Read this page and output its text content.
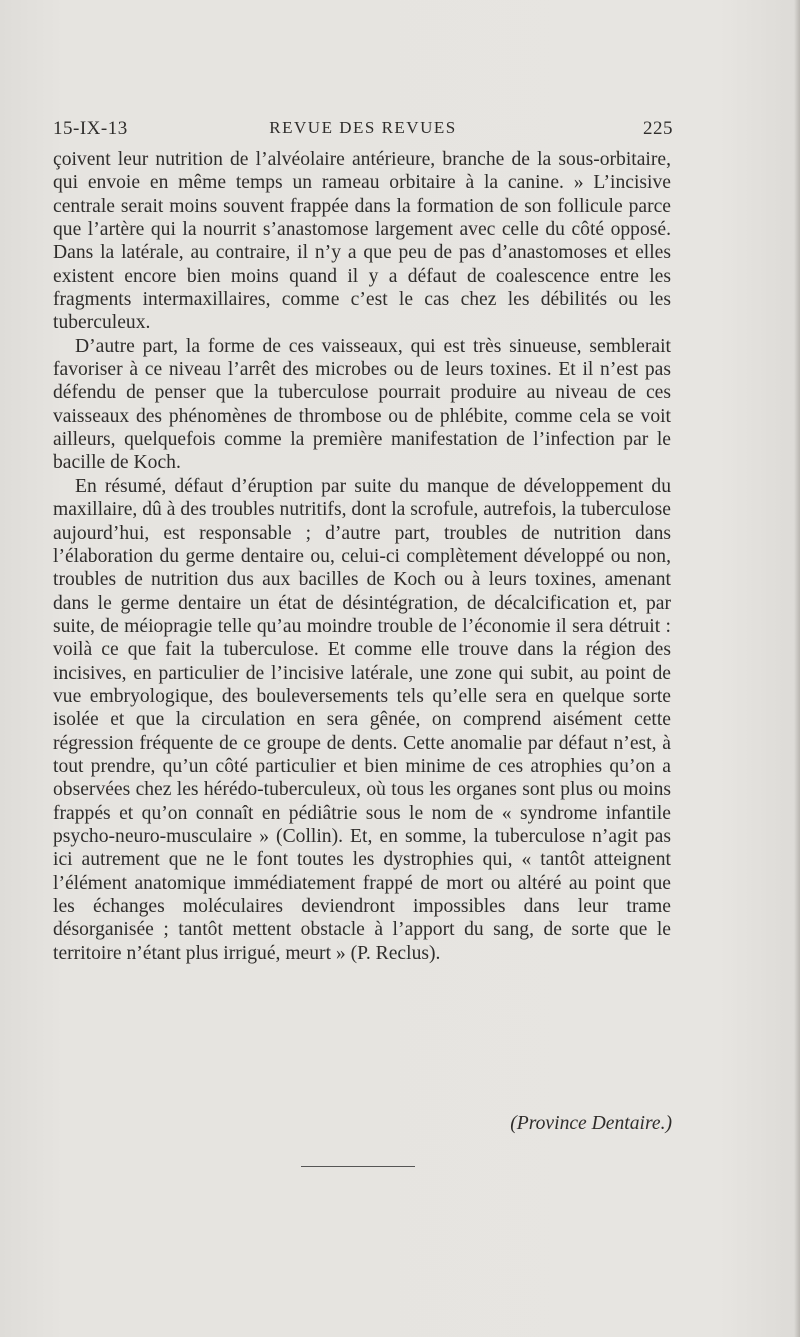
15-IX-13	REVUE DES REVUES	225

çoivent leur nutrition de l’alvéolaire antérieure, branche de la sous-orbitaire, qui envoie en même temps un rameau orbitaire à la canine. » L’incisive centrale serait moins souvent frappée dans la formation de son follicule parce que l’artère qui la nourrit s’anastomose largement avec celle du côté opposé. Dans la latérale, au contraire, il n’y a que peu de pas d’anastomoses et elles existent encore bien moins quand il y a défaut de coalescence entre les fragments intermaxillaires, comme c’est le cas chez les débilités ou les tuberculeux.

D’autre part, la forme de ces vaisseaux, qui est très sinueuse, semblerait favoriser à ce niveau l’arrêt des microbes ou de leurs toxines. Et il n’est pas défendu de penser que la tuberculose pourrait produire au niveau de ces vaisseaux des phénomènes de thrombose ou de phlébite, comme cela se voit ailleurs, quelquefois comme la première manifestation de l’infection par le bacille de Koch.

En résumé, défaut d’éruption par suite du manque de développement du maxillaire, dû à des troubles nutritifs, dont la scrofule, autrefois, la tuberculose aujourd’hui, est responsable ; d’autre part, troubles de nutrition dans l’élaboration du germe dentaire ou, celui-ci complètement développé ou non, troubles de nutrition dus aux bacilles de Koch ou à leurs toxines, amenant dans le germe dentaire un état de désintégration, de décalcification et, par suite, de méiopragie telle qu’au moindre trouble de l’économie il sera détruit : voilà ce que fait la tuberculose. Et comme elle trouve dans la région des incisives, en particulier de l’incisive latérale, une zone qui subit, au point de vue embryologique, des bouleversements tels qu’elle sera en quelque sorte isolée et que la circulation en sera gênée, on comprend aisément cette régression fréquente de ce groupe de dents. Cette anomalie par défaut n’est, à tout prendre, qu’un côté particulier et bien minime de ces atrophies qu’on a observées chez les hérédo-tuberculeux, où tous les organes sont plus ou moins frappés et qu’on connaît en pédiâtrie sous le nom de « syndrome infantile psycho-neuro-musculaire » (Collin). Et, en somme, la tuberculose n’agit pas ici autrement que ne le font toutes les dystrophies qui, « tantôt atteignent l’élément anatomique immédiatement frappé de mort ou altéré au point que les échanges moléculaires deviendront impossibles dans leur trame désorganisée ; tantôt mettent obstacle à l’apport du sang, de sorte que le territoire n’étant plus irrigué, meurt » (P. Reclus).

(Province Dentaire.)
